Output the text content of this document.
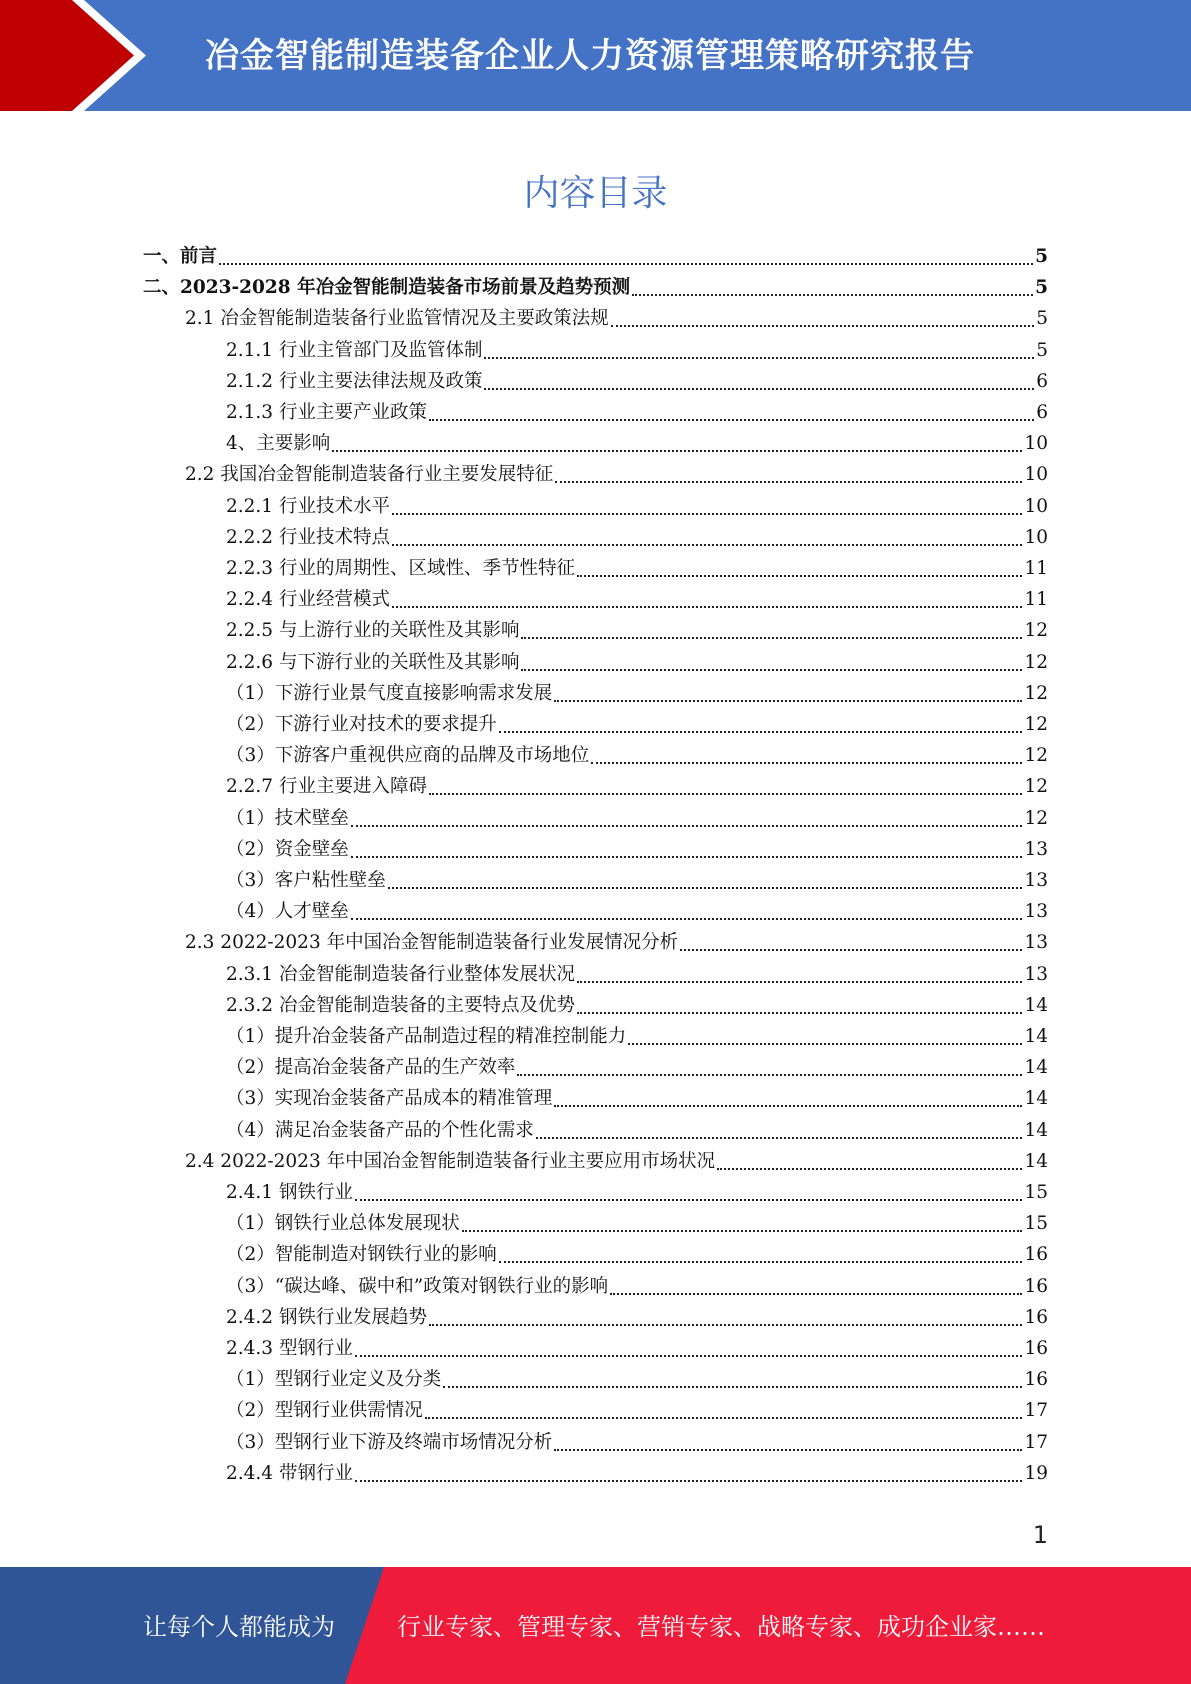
冶金智能制造装备企业人力资源管理策略研究报告
内容目录
一、前言	5
二、2023-2028 年冶金智能制造装备市场前景及趋势预测	5
2.1 冶金智能制造装备行业监管情况及主要政策法规	5
2.1.1 行业主管部门及监管体制	5
2.1.2 行业主要法律法规及政策	6
2.1.3 行业主要产业政策	6
4、主要影响	10
2.2 我国冶金智能制造装备行业主要发展特征	10
2.2.1 行业技术水平	10
2.2.2 行业技术特点	10
2.2.3 行业的周期性、区域性、季节性特征	11
2.2.4 行业经营模式	11
2.2.5 与上游行业的关联性及其影响	12
2.2.6 与下游行业的关联性及其影响	12
（1）下游行业景气度直接影响需求发展	12
（2）下游行业对技术的要求提升	12
（3）下游客户重视供应商的品牌及市场地位	12
2.2.7 行业主要进入障碍	12
（1）技术壁垒	12
（2）资金壁垒	13
（3）客户粘性壁垒	13
（4）人才壁垒	13
2.3 2022-2023 年中国冶金智能制造装备行业发展情况分析	13
2.3.1 冶金智能制造装备行业整体发展状况	13
2.3.2 冶金智能制造装备的主要特点及优势	14
（1）提升冶金装备产品制造过程的精准控制能力	14
（2）提高冶金装备产品的生产效率	14
（3）实现冶金装备产品成本的精准管理	14
（4）满足冶金装备产品的个性化需求	14
2.4 2022-2023 年中国冶金智能制造装备行业主要应用市场状况	14
2.4.1 钢铁行业	15
（1）钢铁行业总体发展现状	15
（2）智能制造对钢铁行业的影响	16
（3）“碳达峰、碳中和”政策对钢铁行业的影响	16
2.4.2 钢铁行业发展趋势	16
2.4.3 型钢行业	16
（1）型钢行业定义及分类	16
（2）型钢行业供需情况	17
（3）型钢行业下游及终端市场情况分析	17
2.4.4 带钢行业	19
1
让每个人都能成为	行业专家、管理专家、营销专家、战略专家、成功企业家……
